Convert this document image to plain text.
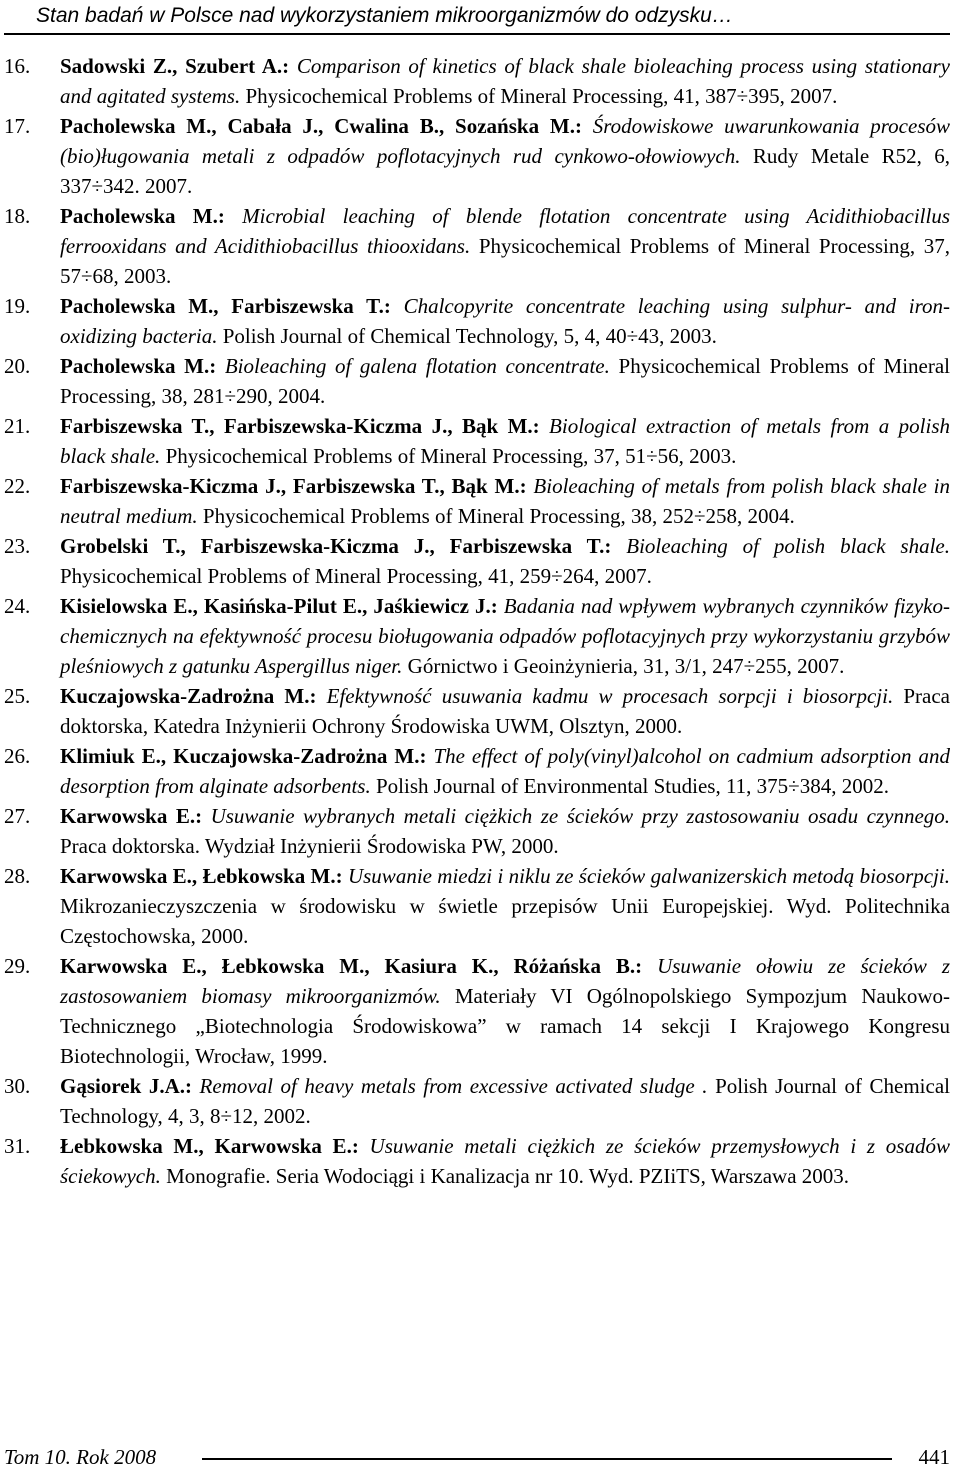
Stan badań w Polsce nad wykorzystaniem mikroorganizmów do odzysku…
16. Sadowski Z., Szubert A.: Comparison of kinetics of black shale bioleaching process using stationary and agitated systems. Physicochemical Problems of Mineral Processing, 41, 387÷395, 2007.
17. Pacholewska M., Cabała J., Cwalina B., Sozańska M.: Środowiskowe uwarunkowania procesów (bio)ługowania metali z odpadów poflotacyjnych rud cynkowo-ołowiowych. Rudy Metale R52, 6, 337÷342. 2007.
18. Pacholewska M.: Microbial leaching of blende flotation concentrate using Acidithiobacillus ferrooxidans and Acidithiobacillus thiooxidans. Physicochemical Problems of Mineral Processing, 37, 57÷68, 2003.
19. Pacholewska M., Farbiszewska T.: Chalcopyrite concentrate leaching using sulphur- and iron- oxidizing bacteria. Polish Journal of Chemical Technology, 5, 4, 40÷43, 2003.
20. Pacholewska M.: Bioleaching of galena flotation concentrate. Physicochemical Problems of Mineral Processing, 38, 281÷290, 2004.
21. Farbiszewska T., Farbiszewska-Kiczma J., Bąk M.: Biological extraction of metals from a polish black shale. Physicochemical Problems of Mineral Processing, 37, 51÷56, 2003.
22. Farbiszewska-Kiczma J., Farbiszewska T., Bąk M.: Bioleaching of metals from polish black shale in neutral medium. Physicochemical Problems of Mineral Processing, 38, 252÷258, 2004.
23. Grobelski T., Farbiszewska-Kiczma J., Farbiszewska T.: Bioleaching of polish black shale. Physicochemical Problems of Mineral Processing, 41, 259÷264, 2007.
24. Kisielowska E., Kasińska-Pilut E., Jaśkiewicz J.: Badania nad wpływem wybranych czynników fizyko-chemicznych na efektywność procesu bioługowania odpadów poflotacyjnych przy wykorzystaniu grzybów pleśniowych z gatunku Aspergillus niger. Górnictwo i Geoinżynieria, 31, 3/1, 247÷255, 2007.
25. Kuczajowska-Zadrożna M.: Efektywność usuwania kadmu w procesach sorpcji i biosorpcji. Praca doktorska, Katedra Inżynierii Ochrony Środowiska UWM, Olsztyn, 2000.
26. Klimiuk E., Kuczajowska-Zadrożna M.: The effect of poly(vinyl)alcohol on cadmium adsorption and desorption from alginate adsorbents. Polish Journal of Environmental Studies, 11, 375÷384, 2002.
27. Karwowska E.: Usuwanie wybranych metali ciężkich ze ścieków przy zastosowaniu osadu czynnego. Praca doktorska. Wydział Inżynierii Środowiska PW, 2000.
28. Karwowska E., Łebkowska M.: Usuwanie miedzi i niklu ze ścieków galwanizerskich metodą biosorpcji. Mikrozanieczyszczenia w środowisku w świetle przepisów Unii Europejskiej. Wyd. Politechnika Częstochowska, 2000.
29. Karwowska E., Łebkowska M., Kasiura K., Różańska B.: Usuwanie ołowiu ze ścieków z zastosowaniem biomasy mikroorganizmów. Materiały VI Ogólnopolskiego Sympozjum Naukowo-Technicznego „Biotechnologia Środowiskowa” w ramach 14 sekcji I Krajowego Kongresu Biotechnologii, Wrocław, 1999.
30. Gąsiorek J.A.: Removal of heavy metals from excessive activated sludge . Polish Journal of Chemical Technology, 4, 3, 8÷12, 2002.
31. Łebkowska M., Karwowska E.: Usuwanie metali ciężkich ze ścieków przemysłowych i z osadów ściekowych. Monografie. Seria Wodociągi i Kanalizacja nr 10. Wyd. PZIiTS, Warszawa 2003.
Tom 10. Rok 2008	441
